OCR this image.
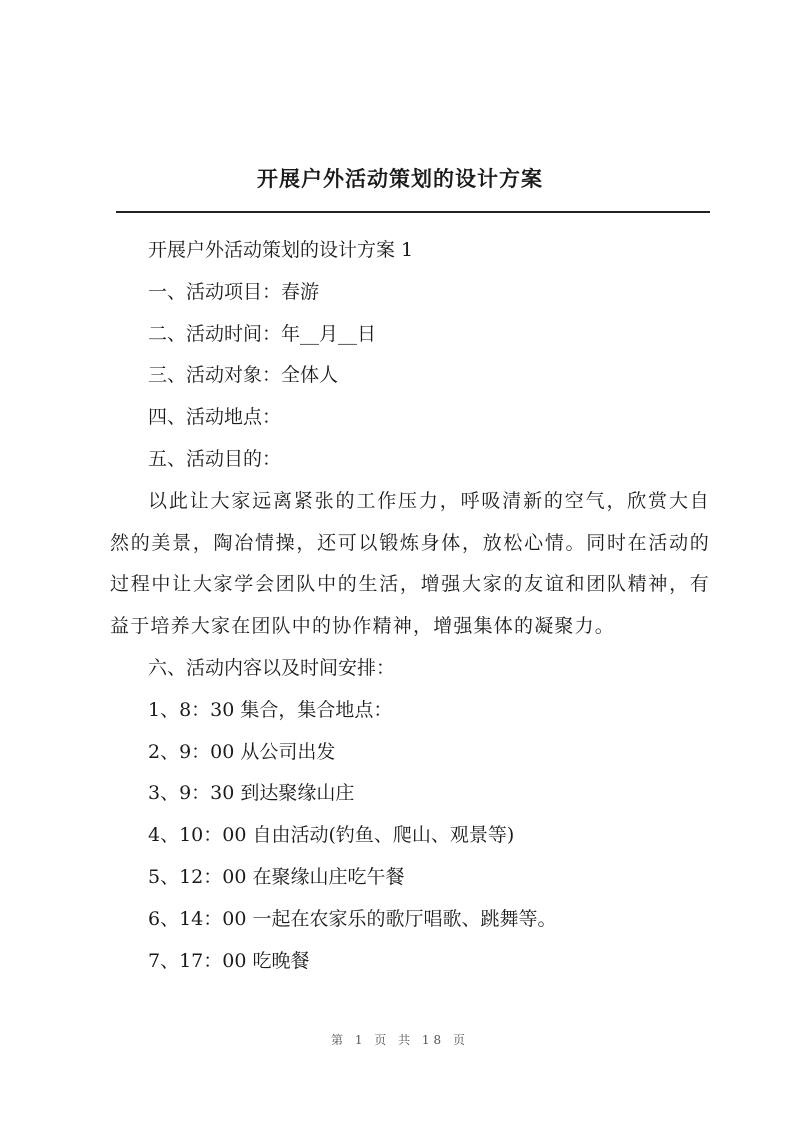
开展户外活动策划的设计方案

开展户外活动策划的设计方案 1

一、活动项目：春游

二、活动时间：年__月__日

三、活动对象：全体人

四、活动地点：

五、活动目的：

以此让大家远离紧张的工作压力，呼吸清新的空气，欣赏大自然的美景，陶冶情操，还可以锻炼身体，放松心情。同时在活动的过程中让大家学会团队中的生活，增强大家的友谊和团队精神，有益于培养大家在团队中的协作精神，增强集体的凝聚力。

六、活动内容以及时间安排：

1、8：30 集合，集合地点：

2、9：00 从公司出发

3、9：30 到达聚缘山庄

4、10：00 自由活动(钓鱼、爬山、观景等)

5、12：00 在聚缘山庄吃午餐

6、14：00 一起在农家乐的歌厅唱歌、跳舞等。

7、17：00 吃晚餐

第 1 页 共 18 页
